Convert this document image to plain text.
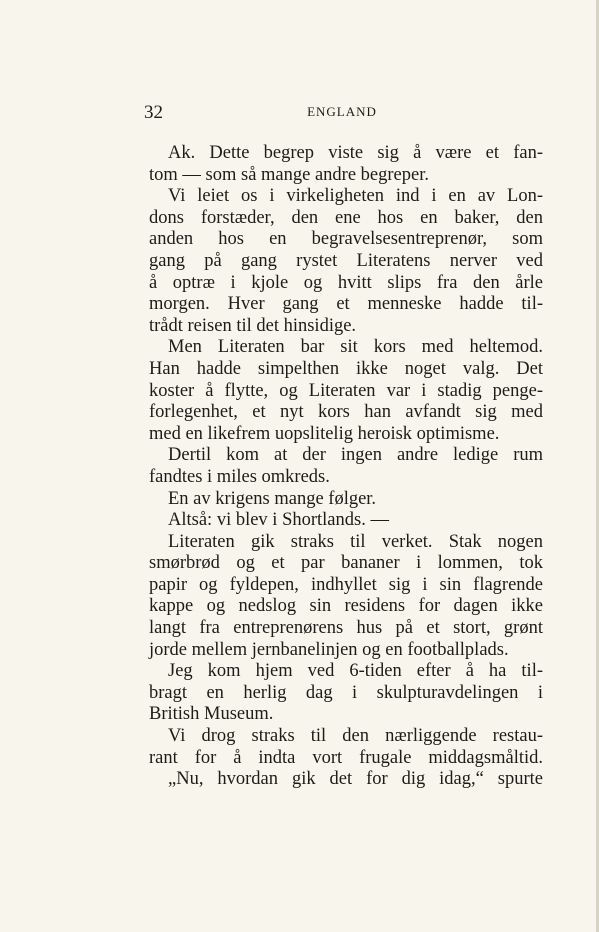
32	ENGLAND
Ak. Dette begrep viste sig å være et fan-
tom — som så mange andre begreper.
Vi leiet os i virkeligheten ind i en av Lon-
dons forstæder, den ene hos en baker, den
anden hos en begravelsesentreprenør, som
gang på gang rystet Literatens nerver ved
å optræ i kjole og hvitt slips fra den årle
morgen. Hver gang et menneske hadde til-
trådt reisen til det hinsidige.
Men Literaten bar sit kors med heltemod.
Han hadde simpelthen ikke noget valg. Det
koster å flytte, og Literaten var i stadig penge-
forlegenhet, et nyt kors han avfandt sig med
med en likefrem uopslitelig heroisk optimisme.
Dertil kom at der ingen andre ledige rum
fandtes i miles omkreds.
En av krigens mange følger.
Altså: vi blev i Shortlands. —
Literaten gik straks til verket. Stak nogen
smørbrød og et par bananer i lommen, tok
papir og fyldepen, indhyllet sig i sin flagrende
kappe og nedslog sin residens for dagen ikke
langt fra entreprenørens hus på et stort, grønt
jorde mellem jernbanelinjen og en footballplads.
Jeg kom hjem ved 6-tiden efter å ha til-
bragt en herlig dag i skulpturavdelingen i
British Museum.
Vi drog straks til den nærliggende restau-
rant for å indta vort frugale middagsmåltid.
„Nu, hvordan gik det for dig idag,“ spurte
